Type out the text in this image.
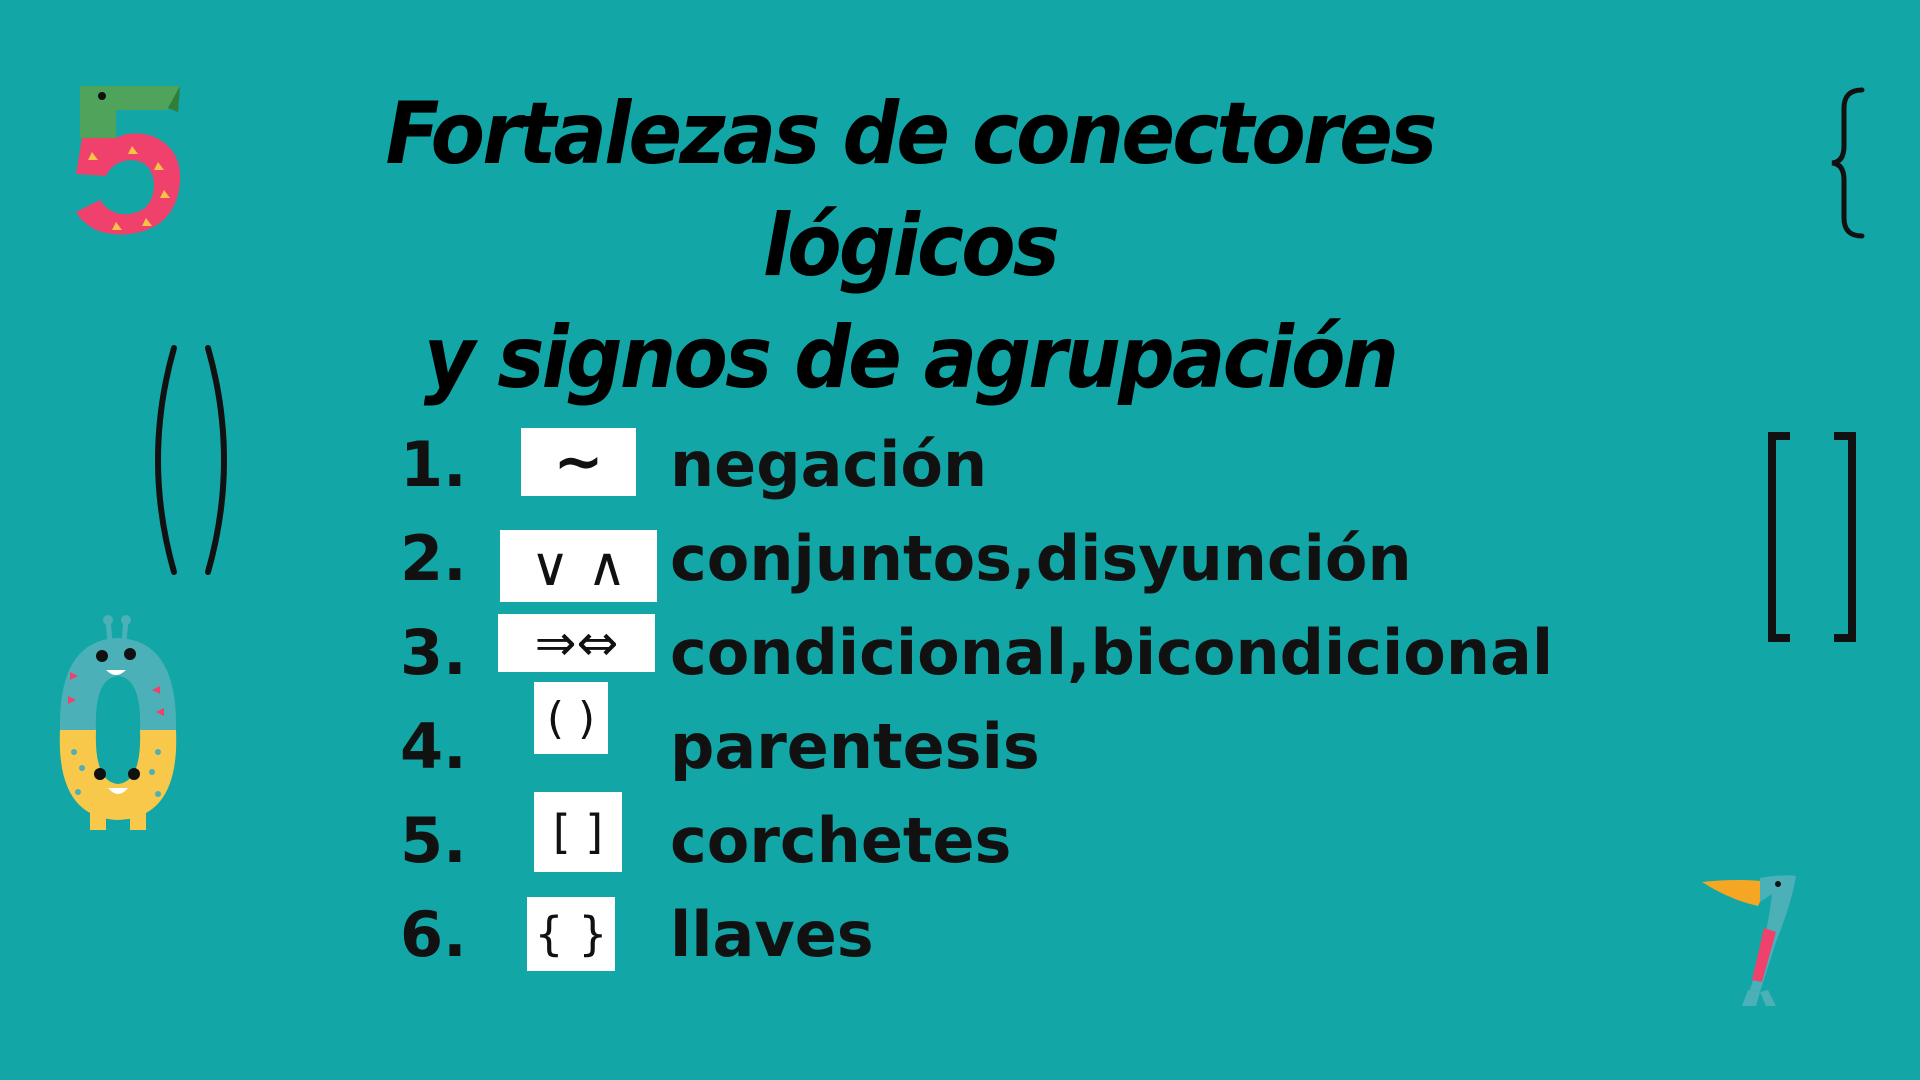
Fortalezas de conectores lógicos
y signos de agrupación
1. ~ negación
2. ∨ ∧ conjuntos,disyunción
3. ⇒⇔ condicional,bicondicional
4. ( ) parentesis
5. [ ] corchetes
6. { } llaves
